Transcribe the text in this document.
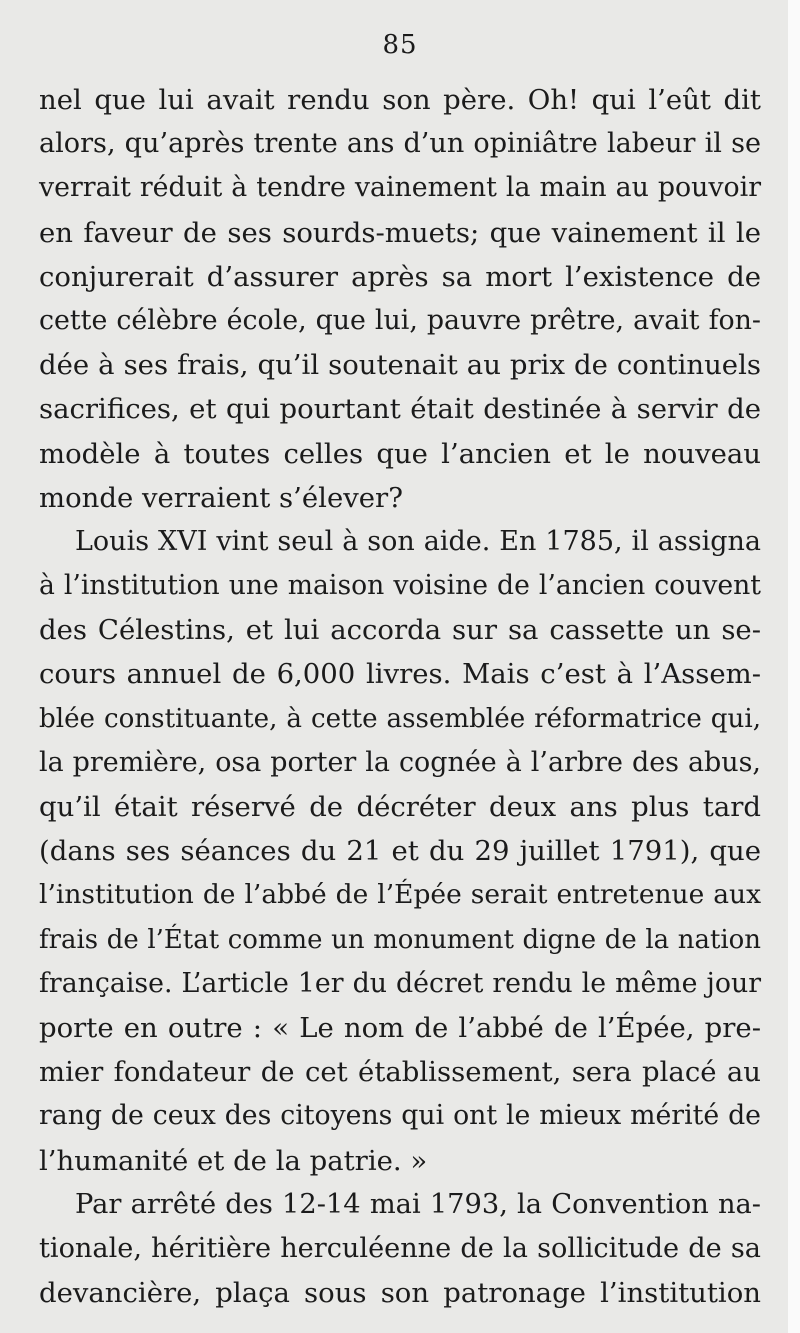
85
nel que lui avait rendu son père. Oh! qui l’eût dit
alors, qu’après trente ans d’un opiniâtre labeur il se
verrait réduit à tendre vainement la main au pouvoir
en faveur de ses sourds-muets; que vainement il le
conjurerait d’assurer après sa mort l’existence de
cette célèbre école, que lui, pauvre prêtre, avait fon-
dée à ses frais, qu’il soutenait au prix de continuels
sacrifices, et qui pourtant était destinée à servir de
modèle à toutes celles que l’ancien et le nouveau
monde verraient s’élever?
Louis XVI vint seul à son aide. En 1785, il assigna
à l’institution une maison voisine de l’ancien couvent
des Célestins, et lui accorda sur sa cassette un se-
cours annuel de 6,000 livres. Mais c’est à l’Assem-
blée constituante, à cette assemblée réformatrice qui,
la première, osa porter la cognée à l’arbre des abus,
qu’il était réservé de décréter deux ans plus tard
(dans ses séances du 21 et du 29 juillet 1791), que
l’institution de l’abbé de l’Épée serait entretenue aux
frais de l’État comme un monument digne de la nation
française. L’article 1er du décret rendu le même jour
porte en outre : « Le nom de l’abbé de l’Épée, pre-
mier fondateur de cet établissement, sera placé au
rang de ceux des citoyens qui ont le mieux mérité de
l’humanité et de la patrie. »
Par arrêté des 12-14 mai 1793, la Convention na-
tionale, héritière herculéenne de la sollicitude de sa
devancière, plaça sous son patronage l’institution
